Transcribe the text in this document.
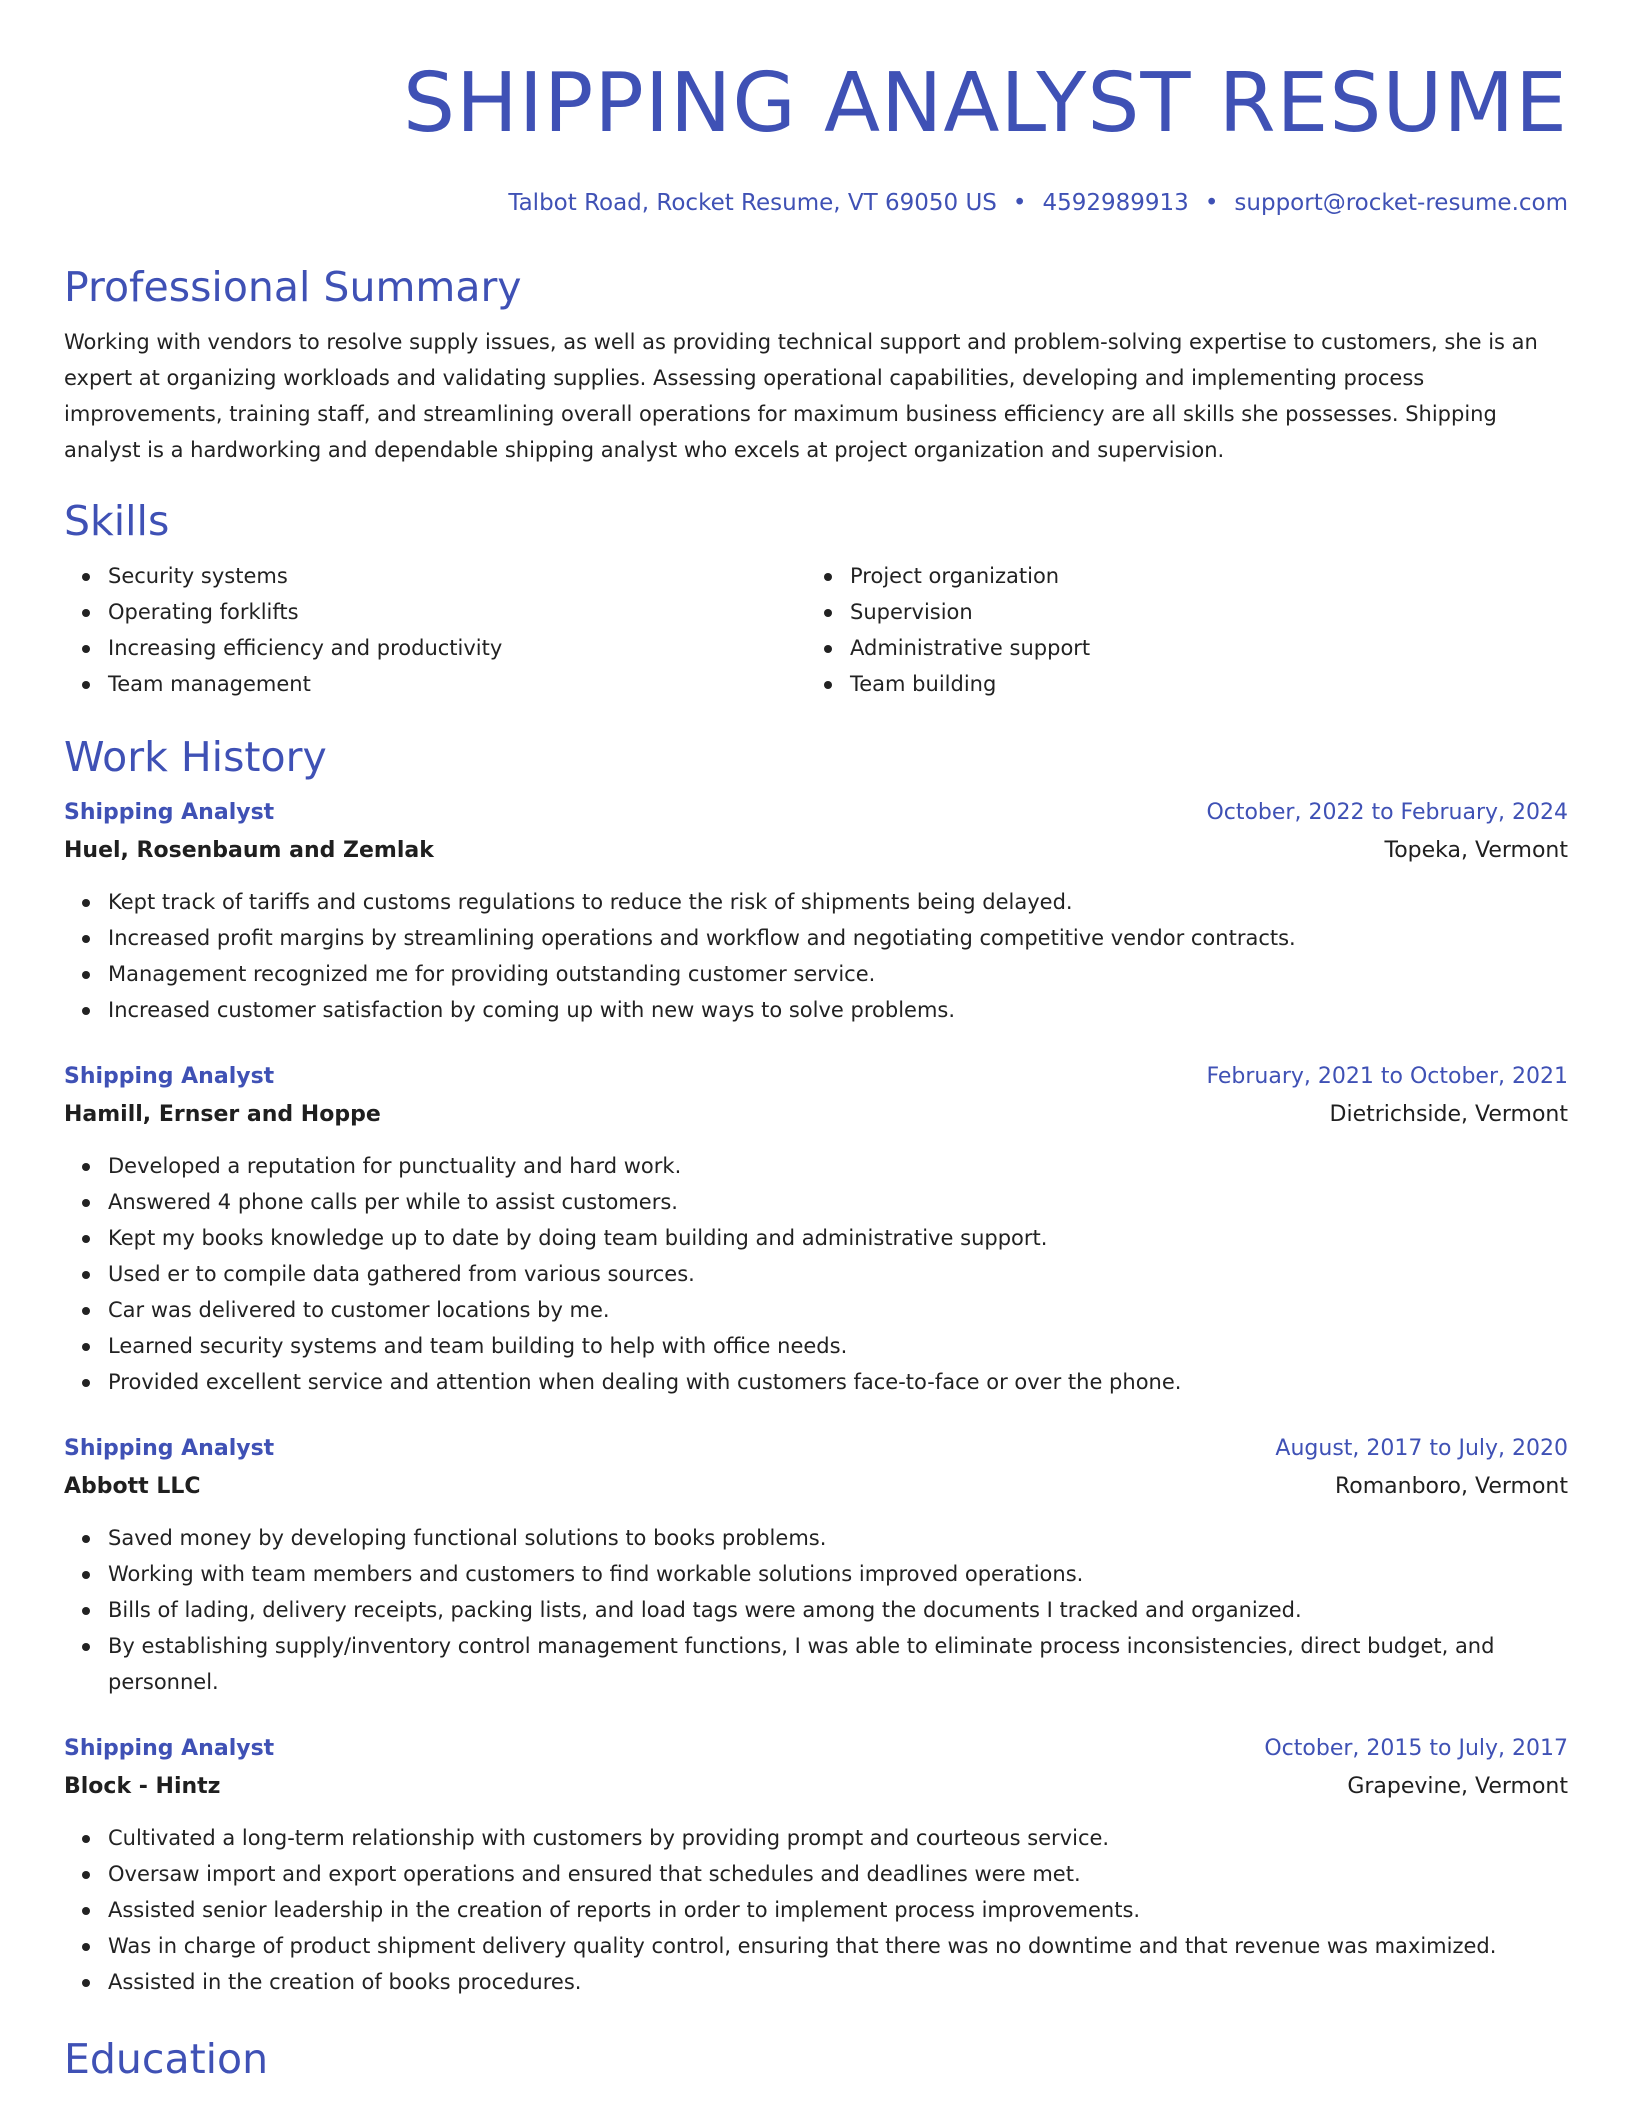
SHIPPING ANALYST RESUME
Talbot Road, Rocket Resume, VT 69050 US • 4592989913 • support@rocket-resume.com
Professional Summary
Working with vendors to resolve supply issues, as well as providing technical support and problem-solving expertise to customers, she is an expert at organizing workloads and validating supplies. Assessing operational capabilities, developing and implementing process improvements, training staff, and streamlining overall operations for maximum business efficiency are all skills she possesses. Shipping analyst is a hardworking and dependable shipping analyst who excels at project organization and supervision.
Skills
Security systems
Operating forklifts
Increasing efficiency and productivity
Team management
Project organization
Supervision
Administrative support
Team building
Work History
Shipping Analyst	October, 2022 to February, 2024
Huel, Rosenbaum and Zemlak	Topeka, Vermont
Kept track of tariffs and customs regulations to reduce the risk of shipments being delayed.
Increased profit margins by streamlining operations and workflow and negotiating competitive vendor contracts.
Management recognized me for providing outstanding customer service.
Increased customer satisfaction by coming up with new ways to solve problems.
Shipping Analyst	February, 2021 to October, 2021
Hamill, Ernser and Hoppe	Dietrichside, Vermont
Developed a reputation for punctuality and hard work.
Answered 4 phone calls per while to assist customers.
Kept my books knowledge up to date by doing team building and administrative support.
Used er to compile data gathered from various sources.
Car was delivered to customer locations by me.
Learned security systems and team building to help with office needs.
Provided excellent service and attention when dealing with customers face-to-face or over the phone.
Shipping Analyst	August, 2017 to July, 2020
Abbott LLC	Romanboro, Vermont
Saved money by developing functional solutions to books problems.
Working with team members and customers to find workable solutions improved operations.
Bills of lading, delivery receipts, packing lists, and load tags were among the documents I tracked and organized.
By establishing supply/inventory control management functions, I was able to eliminate process inconsistencies, direct budget, and personnel.
Shipping Analyst	October, 2015 to July, 2017
Block - Hintz	Grapevine, Vermont
Cultivated a long-term relationship with customers by providing prompt and courteous service.
Oversaw import and export operations and ensured that schedules and deadlines were met.
Assisted senior leadership in the creation of reports in order to implement process improvements.
Was in charge of product shipment delivery quality control, ensuring that there was no downtime and that revenue was maximized.
Assisted in the creation of books procedures.
Education
